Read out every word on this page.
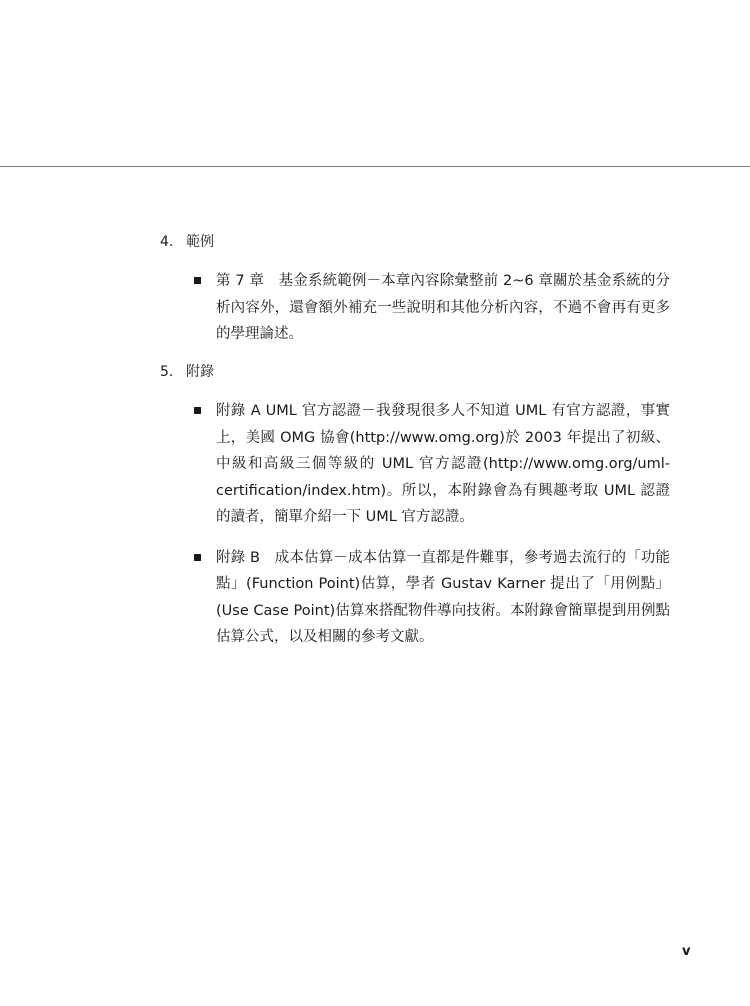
4. 範例
第 7 章　基金系統範例－本章內容除彙整前 2~6 章關於基金系統的分析內容外，還會額外補充一些說明和其他分析內容，不過不會再有更多的學理論述。
5. 附錄
附錄 A UML 官方認證－我發現很多人不知道 UML 有官方認證，事實上，美國 OMG 協會(http://www.omg.org)於 2003 年提出了初級、中級和高級三個等級的 UML 官方認證(http://www.omg.org/uml-certification/index.htm)。所以，本附錄會為有興趣考取 UML 認證的讀者，簡單介紹一下 UML 官方認證。
附錄 B　成本估算－成本估算一直都是件難事，參考過去流行的「功能點」(Function Point)估算，學者 Gustav Karner 提出了「用例點」(Use Case Point)估算來搭配物件導向技術。本附錄會簡單提到用例點估算公式，以及相關的參考文獻。
v
